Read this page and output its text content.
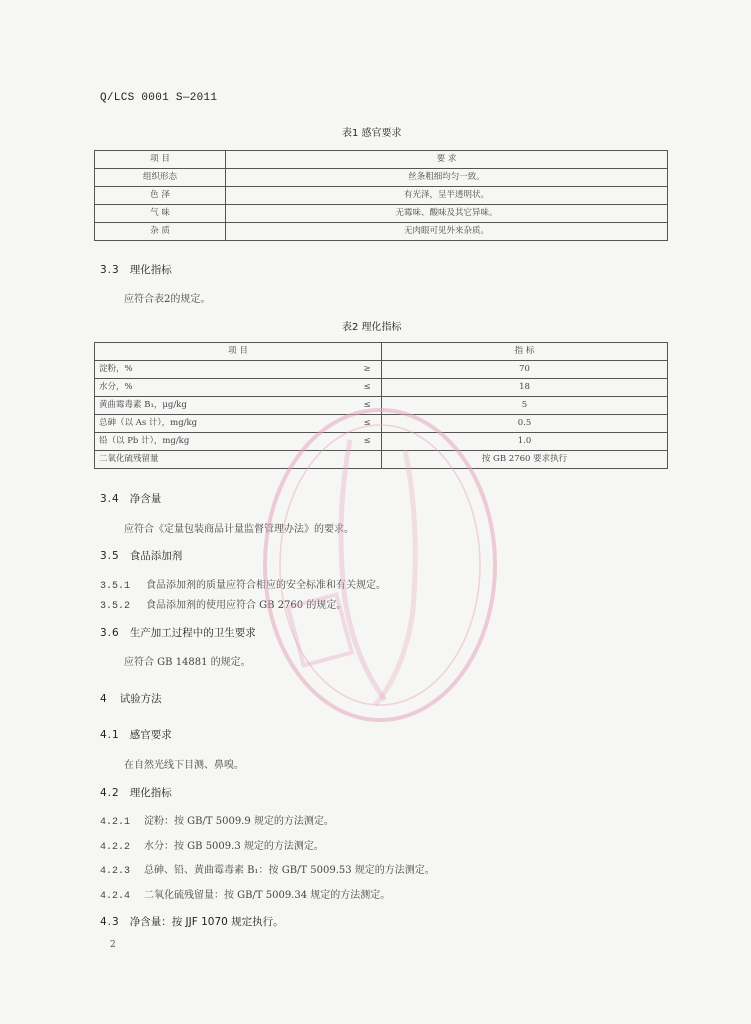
Q/LCS 0001 S—2011
表1 感官要求
项 目	要 求
组织形态	丝条粗细均匀一致。
色 泽	有光泽，呈半透明状。
气 味	无霉味、酸味及其它异味。
杂 质	无肉眼可见外来杂质。
3.3 理化指标
应符合表2的规定。
表2 理化指标
项 目		指 标
淀粉，%	≥	70
水分，%	≤	18
黄曲霉毒素 B₁，μg/kg	≤	5
总砷（以 As 计），mg/kg	≤	0.5
铅（以 Pb 计），mg/kg	≤	1.0
二氧化硫残留量		按 GB 2760 要求执行
3.4 净含量
应符合《定量包装商品计量监督管理办法》的要求。
3.5 食品添加剂
3.5.1 食品添加剂的质量应符合相应的安全标准和有关规定。
3.5.2 食品添加剂的使用应符合 GB 2760 的规定。
3.6 生产加工过程中的卫生要求
应符合 GB 14881 的规定。
4 试验方法
4.1 感官要求
在自然光线下目测、鼻嗅。
4.2 理化指标
4.2.1 淀粉：按 GB/T 5009.9 规定的方法测定。
4.2.2 水分：按 GB 5009.3 规定的方法测定。
4.2.3 总砷、铅、黄曲霉毒素 B₁：按 GB/T 5009.53 规定的方法测定。
4.2.4 二氧化硫残留量：按 GB/T 5009.34 规定的方法测定。
4.3 净含量：按 JJF 1070 规定执行。
2
